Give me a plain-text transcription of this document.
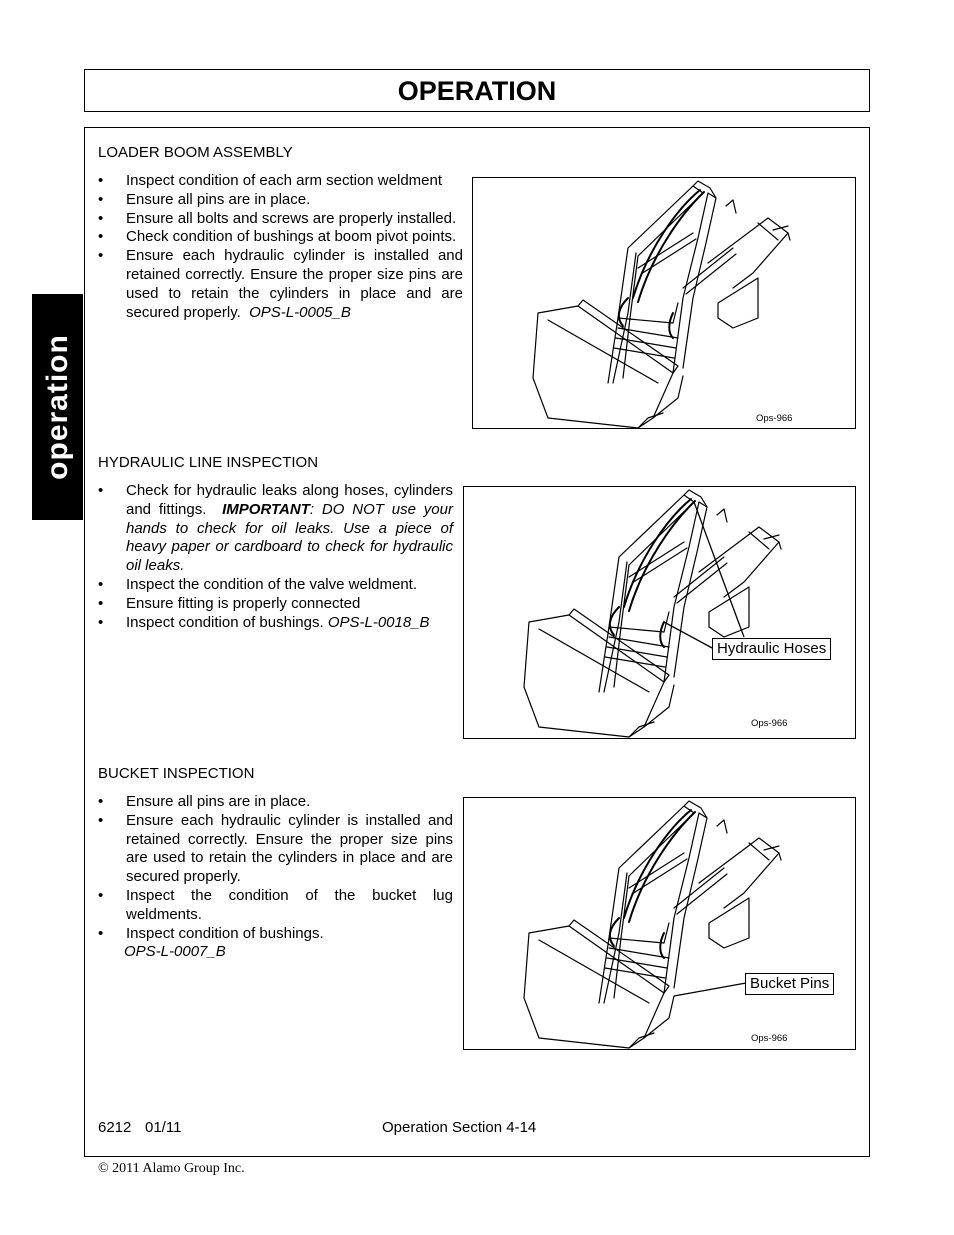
OPERATION
operation
LOADER BOOM ASSEMBLY
• Inspect condition of each arm section weldment
• Ensure all pins are in place.
• Ensure all bolts and screws are properly installed.
• Check condition of bushings at boom pivot points.
• Ensure each hydraulic cylinder is installed and retained correctly. Ensure the proper size pins are used to retain the cylinders in place and are secured properly. OPS-L-0005_B
Ops-966
HYDRAULIC LINE INSPECTION
• Check for hydraulic leaks along hoses, cylinders and fittings. IMPORTANT: DO NOT use your hands to check for oil leaks. Use a piece of heavy paper or cardboard to check for hydraulic oil leaks.
• Inspect the condition of the valve weldment.
• Ensure fitting is properly connected
• Inspect condition of bushings. OPS-L-0018_B
Hydraulic Hoses
Ops-966
BUCKET INSPECTION
• Ensure all pins are in place.
• Ensure each hydraulic cylinder is installed and retained correctly. Ensure the proper size pins are used to retain the cylinders in place and are secured properly.
• Inspect the condition of the bucket lug weldments.
• Inspect condition of bushings.
OPS-L-0007_B
Bucket Pins
Ops-966
6212 01/11	Operation Section 4-14
© 2011 Alamo Group Inc.
